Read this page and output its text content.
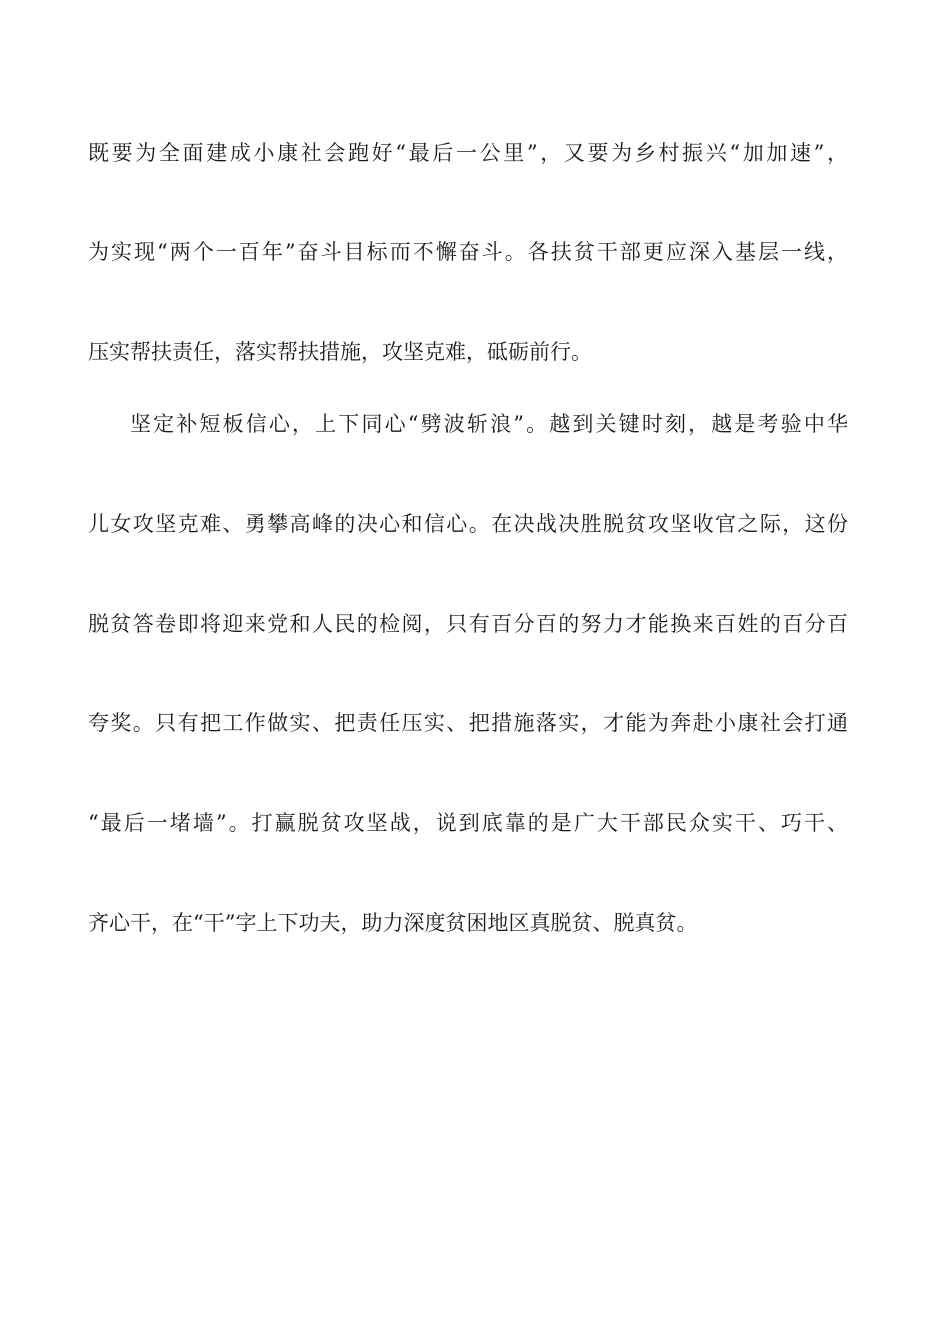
既要为全面建成小康社会跑好“最后一公里”，又要为乡村振兴“加加速”，
为实现“两个一百年”奋斗目标而不懈奋斗。各扶贫干部更应深入基层一线，
压实帮扶责任，落实帮扶措施，攻坚克难，砥砺前行。
坚定补短板信心，上下同心“劈波斩浪”。越到关键时刻，越是考验中华
儿女攻坚克难、勇攀高峰的决心和信心。在决战决胜脱贫攻坚收官之际，这份
脱贫答卷即将迎来党和人民的检阅，只有百分百的努力才能换来百姓的百分百
夸奖。只有把工作做实、把责任压实、把措施落实，才能为奔赴小康社会打通
“最后一堵墙”。打赢脱贫攻坚战，说到底靠的是广大干部民众实干、巧干、
齐心干，在“干”字上下功夫，助力深度贫困地区真脱贫、脱真贫。
